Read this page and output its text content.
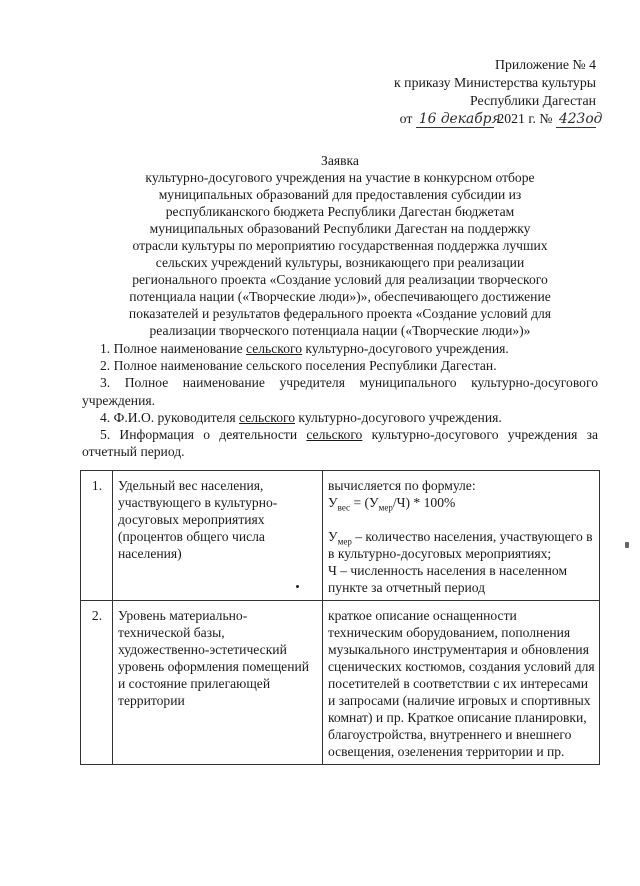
Приложение № 4
к приказу Министерства культуры
Республики Дагестан
от 16 декабря 2021 г. № 423од
Заявка
культурно-досугового учреждения на участие в конкурсном отборе
муниципальных образований для предоставления субсидии из
республиканского бюджета Республики Дагестан бюджетам
муниципальных образований Республики Дагестан на поддержку
отрасли культуры по мероприятию государственная поддержка лучших
сельских учреждений культуры, возникающего при реализации
регионального проекта «Создание условий для реализации творческого
потенциала нации («Творческие люди»)», обеспечивающего достижение
показателей и результатов федерального проекта «Создание условий для
реализации творческого потенциала нации («Творческие люди»)»
1. Полное наименование сельского культурно-досугового учреждения.
2. Полное наименование сельского поселения Республики Дагестан.
3. Полное наименование учредителя муниципального культурно-досугового учреждения.
4. Ф.И.О. руководителя сельского культурно-досугового учреждения.
5. Информация о деятельности сельского культурно-досугового учреждения за отчетный период.
1.	Удельный вес населения, участвующего в культурно-досуговых мероприятиях (процентов общего числа населения)	вычисляется по формуле:
$У_{вес} = (У_{мер}/Ч) * 100\%$
$У_{мер}$ – количество населения, участвующего в в культурно-досуговых мероприятиях;
Ч – численность населения в населенном пункте за отчетный период

2.	Уровень материально-технической базы, художественно-эстетический уровень оформления помещений и состояние прилегающей территории	краткое описание оснащенности техническим оборудованием, пополнения музыкального инструментария и обновления сценических костюмов, создания условий для посетителей в соответствии с их интересами и запросами (наличие игровых и спортивных комнат) и пр. Краткое описание планировки, благоустройства, внутреннего и внешнего освещения, озеленения территории и пр.
